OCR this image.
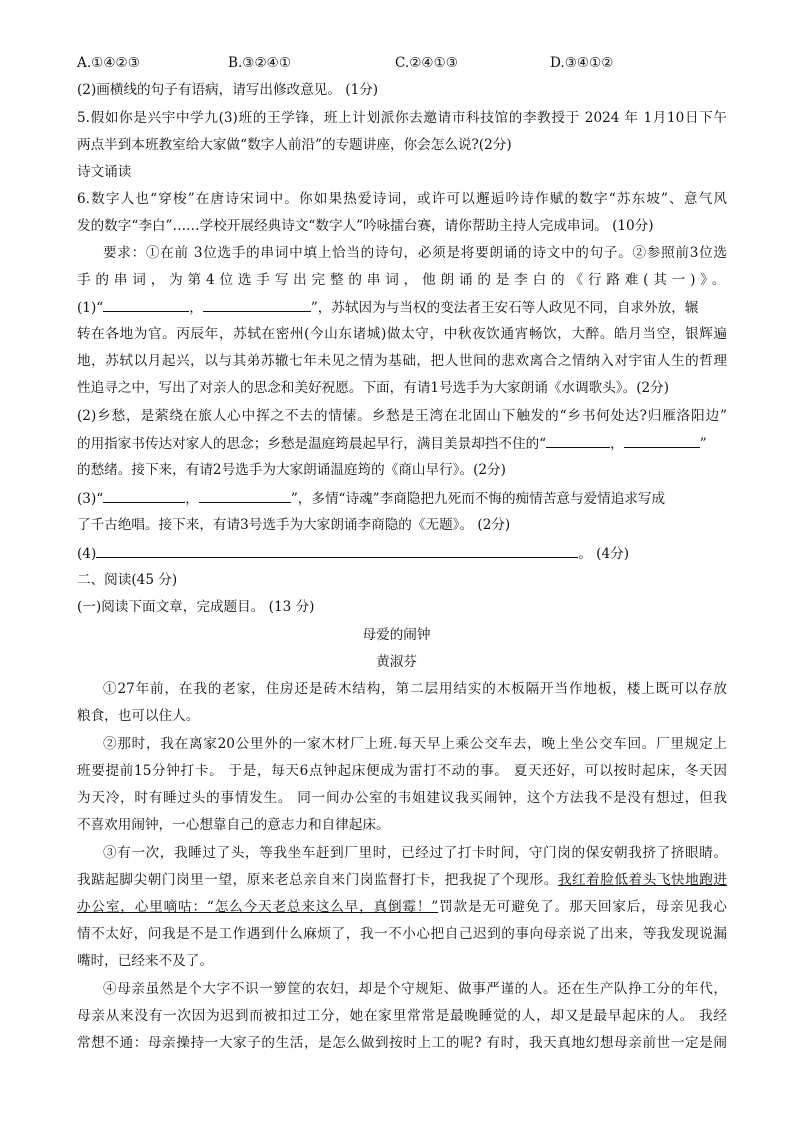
A.①④②③	B.③②④①	C.②④①③	D.③④①②
(2)画横线的句子有语病，请写出修改意见。 (1分)
5.假如你是兴宇中学九(3)班的王学锋，班上计划派你去邀请市科技馆的李教授于 2024 年 1月10日下午
两点半到本班教室给大家做“数字人前沿”的专题讲座，你会怎么说?(2分)
诗文诵读
6.数字人也“穿梭”在唐诗宋词中。你如果热爱诗词，或许可以邂逅吟诗作赋的数字“苏东坡”、意气风
发的数字“李白”……学校开展经典诗文“数字人”吟咏擂台赛，请你帮助主持人完成串词。 (10分)
要求：①在前 3位选手的串词中填上恰当的诗句，必须是将要朗诵的诗文中的句子。②参照前3位选
手的串词，为第4位选手写出完整的串词，他朗诵的是李白的《行路难(其一)》。
(1)“	，	”，苏轼因为与当权的变法者王安石等人政见不同，自求外放，辗
转在各地为官。丙辰年，苏轼在密州(今山东诸城)做太守，中秋夜饮通宵畅饮，大醉。皓月当空，银辉遍
地，苏轼以月起兴，以与其弟苏辙七年未见之情为基础，把人世间的悲欢离合之情纳入对宇宙人生的哲理
性追寻之中，写出了对亲人的思念和美好祝愿。下面，有请1号选手为大家朗诵《水调歌头》。(2分)
(2)乡愁，是萦绕在旅人心中挥之不去的情愫。乡愁是王湾在北固山下触发的“乡书何处达?归雁洛阳边”
的用指家书传达对家人的思念；乡愁是温庭筠晨起早行，满目美景却挡不住的“	，	”
的愁绪。接下来，有请2号选手为大家朗诵温庭筠的《商山早行》。(2分)
(3)“	，	”，多情“诗魂”李商隐把九死而不悔的痴情苦意与爱情追求写成
了千古绝唱。接下来，有请3号选手为大家朗诵李商隐的《无题》。 (2分)
(4)	。 (4分)
二、阅读(45 分)
(一)阅读下面文章，完成题目。 (13 分)
母爱的闹钟
黄淑芬
①27年前，在我的老家，住房还是砖木结构，第二层用结实的木板隔开当作地板，楼上既可以存放
粮食，也可以住人。
②那时，我在离家20公里外的一家木材厂上班.每天早上乘公交车去，晚上坐公交车回。厂里规定上
班要提前15分钟打卡。 于是，每天6点钟起床便成为雷打不动的事。 夏天还好，可以按时起床，冬天因
为天冷，时有睡过头的事情发生。 同一间办公室的韦姐建议我买闹钟，这个方法我不是没有想过，但我
不喜欢用闹钟，一心想靠自己的意志力和自律起床。
③有一次，我睡过了头，等我坐车赶到厂里时，已经过了打卡时间，守门岗的保安朝我挤了挤眼睛。
我踮起脚尖朝门岗里一望，原来老总亲自来门岗监督打卡，把我捉了个现形。我红着脸低着头飞快地跑进
办公室，心里嘀咕：“怎么今天老总来这么早，真倒霉！”罚款是无可避免了。那天回家后，母亲见我心
情不太好，问我是不是工作遇到什么麻烦了，我一不小心把自己迟到的事向母亲说了出来，等我发现说漏
嘴时，已经来不及了。
④母亲虽然是个大字不识一箩筐的农妇，却是个守规矩、做事严谨的人。还在生产队挣工分的年代，
母亲从来没有一次因为迟到而被扣过工分，她在家里常常是最晚睡觉的人，却又是最早起床的人。 我经
常想不通：母亲操持一大家子的生活，是怎么做到按时上工的呢? 有时，我天真地幻想母亲前世一定是闹
